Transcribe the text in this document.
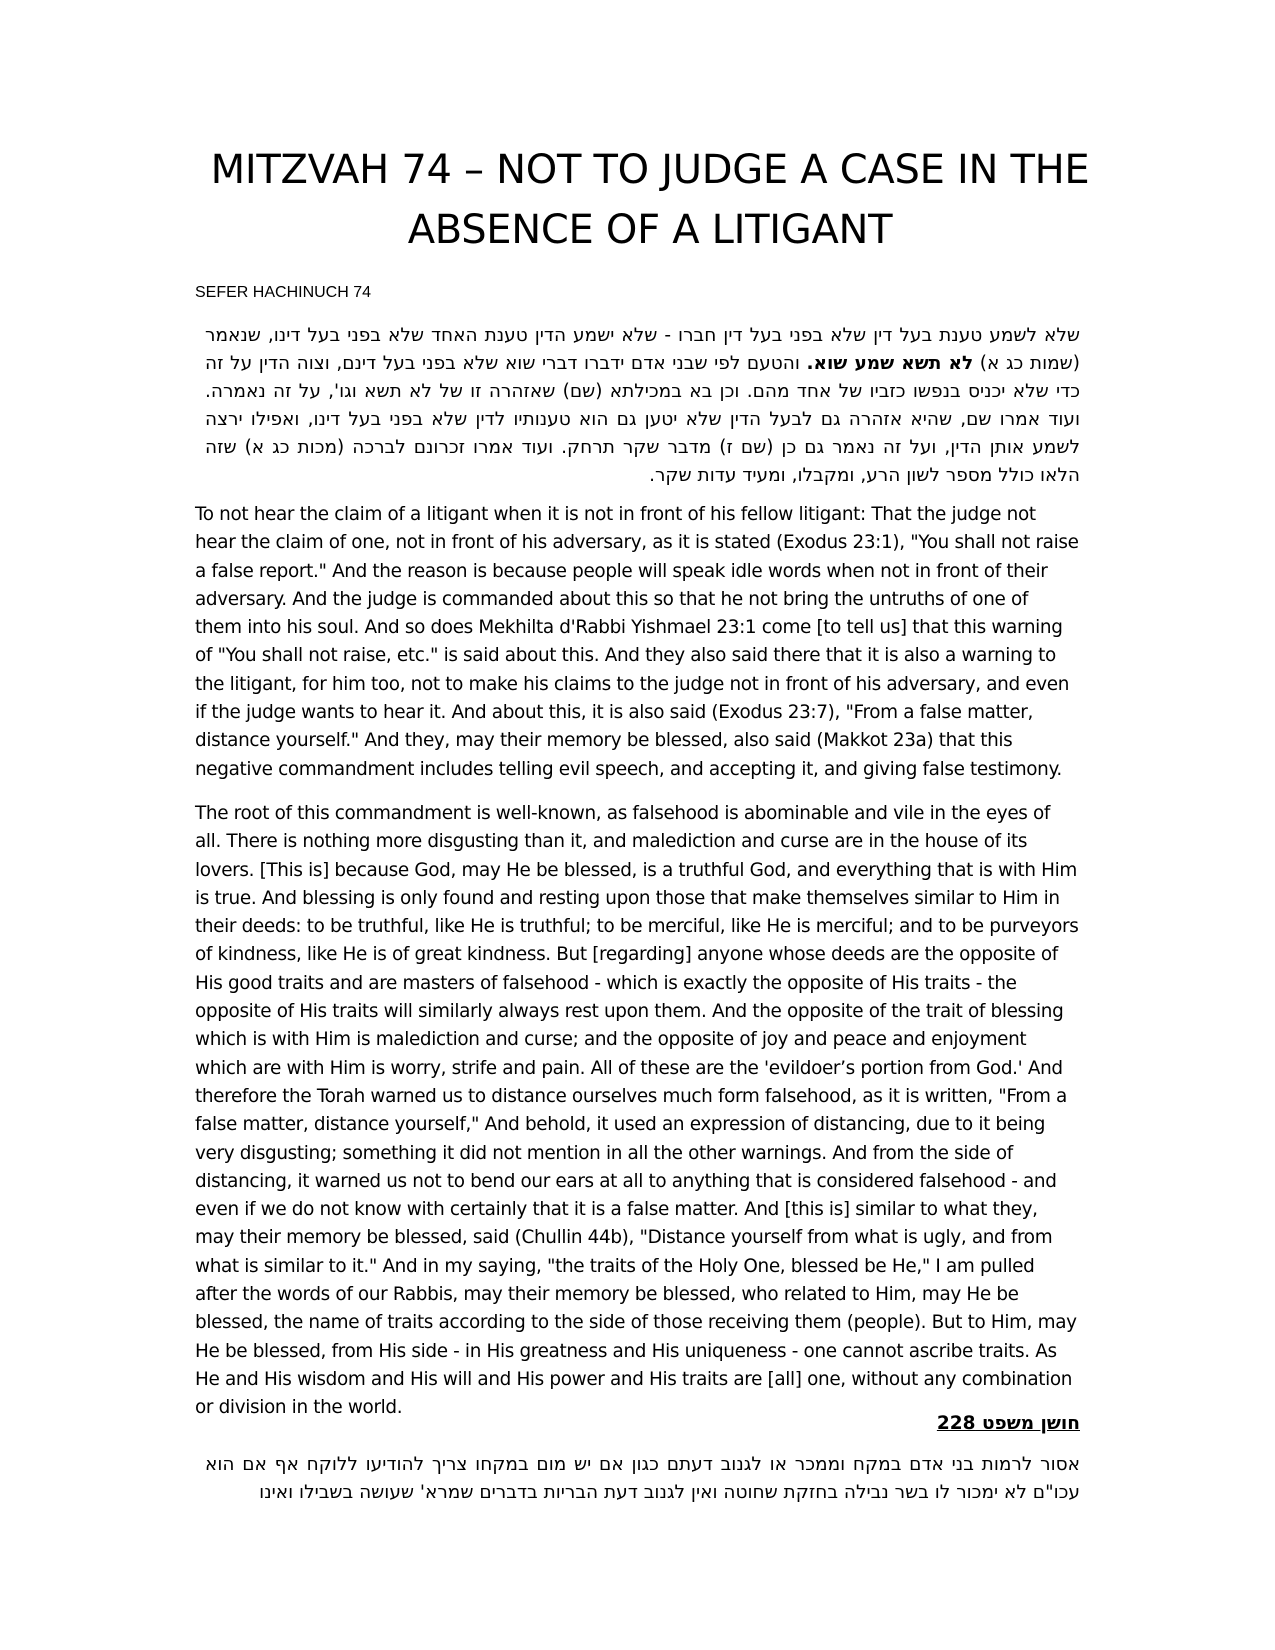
MITZVAH 74 – NOT TO JUDGE A CASE IN THE ABSENCE OF A LITIGANT

SEFER HACHINUCH 74

שלא לשמע טענת בעל דין שלא בפני בעל דין חברו - שלא ישמע הדין טענת האחד שלא בפני בעל דינו, שנאמר (שמות כג א) לא תשא שמע שוא. והטעם לפי שבני אדם ידברו דברי שוא שלא בפני בעל דינם, וצוה הדין על זה כדי שלא יכניס בנפשו כזביו של אחד מהם. וכן בא במכילתא (שם) שאזהרה זו של לא תשא וגו', על זה נאמרה. ועוד אמרו שם, שהיא אזהרה גם לבעל הדין שלא יטען גם הוא טענותיו לדין שלא בפני בעל דינו, ואפילו ירצה לשמע אותן הדין, ועל זה נאמר גם כן (שם ז) מדבר שקר תרחק. ועוד אמרו זכרונם לברכה (מכות כג א) שזה הלאו כולל מספר לשון הרע, ומקבלו, ומעיד עדות שקר.

To not hear the claim of a litigant when it is not in front of his fellow litigant: That the judge not hear the claim of one, not in front of his adversary, as it is stated (Exodus 23:1), "You shall not raise a false report." And the reason is because people will speak idle words when not in front of their adversary. And the judge is commanded about this so that he not bring the untruths of one of them into his soul. And so does Mekhilta d'Rabbi Yishmael 23:1 come [to tell us] that this warning of "You shall not raise, etc." is said about this. And they also said there that it is also a warning to the litigant, for him too, not to make his claims to the judge not in front of his adversary, and even if the judge wants to hear it. And about this, it is also said (Exodus 23:7), "From a false matter, distance yourself." And they, may their memory be blessed, also said (Makkot 23a) that this negative commandment includes telling evil speech, and accepting it, and giving false testimony.

The root of this commandment is well-known, as falsehood is abominable and vile in the eyes of all. There is nothing more disgusting than it, and malediction and curse are in the house of its lovers. [This is] because God, may He be blessed, is a truthful God, and everything that is with Him is true. And blessing is only found and resting upon those that make themselves similar to Him in their deeds: to be truthful, like He is truthful; to be merciful, like He is merciful; and to be purveyors of kindness, like He is of great kindness. But [regarding] anyone whose deeds are the opposite of His good traits and are masters of falsehood - which is exactly the opposite of His traits - the opposite of His traits will similarly always rest upon them. And the opposite of the trait of blessing which is with Him is malediction and curse; and the opposite of joy and peace and enjoyment which are with Him is worry, strife and pain. All of these are the 'evildoer’s portion from God.' And therefore the Torah warned us to distance ourselves much form falsehood, as it is written, "From a false matter, distance yourself," And behold, it used an expression of distancing, due to it being very disgusting; something it did not mention in all the other warnings. And from the side of distancing, it warned us not to bend our ears at all to anything that is considered falsehood - and even if we do not know with certainly that it is a false matter. And [this is] similar to what they, may their memory be blessed, said (Chullin 44b), "Distance yourself from what is ugly, and from what is similar to it." And in my saying, "the traits of the Holy One, blessed be He," I am pulled after the words of our Rabbis, may their memory be blessed, who related to Him, may He be blessed, the name of traits according to the side of those receiving them (people). But to Him, may He be blessed, from His side - in His greatness and His uniqueness - one cannot ascribe traits. As He and His wisdom and His will and His power and His traits are [all] one, without any combination or division in the world.

חושן משפט 228

אסור לרמות בני אדם במקח וממכר או לגנוב דעתם כגון אם יש מום במקחו צריך להודיעו ללוקח אף אם הוא עכו"ם לא ימכור לו בשר נבילה בחזקת שחוטה ואין לגנוב דעת הבריות בדברים שמרא' שעושה בשבילו ואינו
